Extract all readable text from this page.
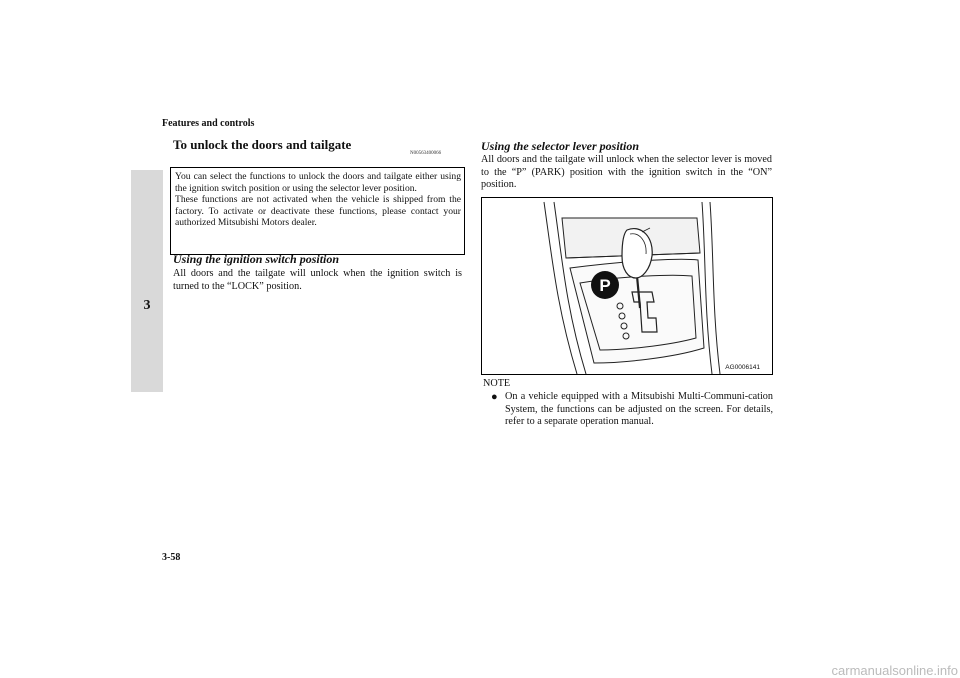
Features and controls
3
To unlock the doors and tailgate
N00563400066

You can select the functions to unlock the doors and tailgate either using the ignition switch position or using the selector lever position.

These functions are not activated when the vehicle is shipped from the factory. To activate or deactivate these functions, please contact your authorized Mitsubishi Motors dealer.

Using the ignition switch position
All doors and the tailgate will unlock when the ignition switch is turned to the “LOCK” position.
Using the selector lever position
All doors and the tailgate will unlock when the selector lever is moved to the “P” (PARK) position with the ignition switch in the “ON” position.
P
AG0006141
NOTE
● On a vehicle equipped with a Mitsubishi Multi-Communi-cation System, the functions can be adjusted on the screen. For details, refer to a separate operation manual.
3-58
carmanualsonline.info
